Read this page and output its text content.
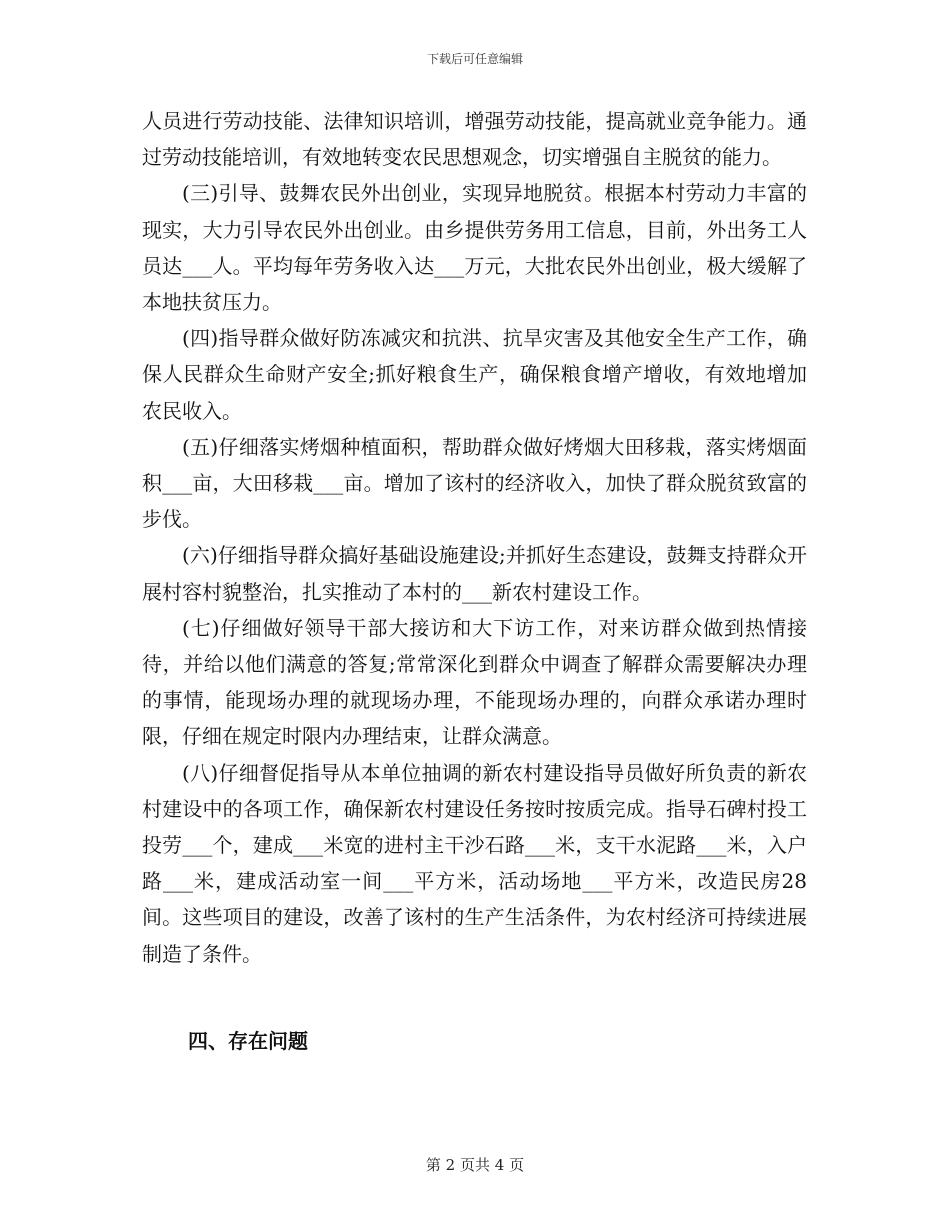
下载后可任意编辑

人员进行劳动技能、法律知识培训，增强劳动技能，提高就业竞争能力。通过劳动技能培训，有效地转变农民思想观念，切实增强自主脱贫的能力。

(三)引导、鼓舞农民外出创业，实现异地脱贫。根据本村劳动力丰富的现实，大力引导农民外出创业。由乡提供劳务用工信息，目前，外出务工人员达___人。平均每年劳务收入达___万元，大批农民外出创业，极大缓解了本地扶贫压力。

(四)指导群众做好防冻减灾和抗洪、抗旱灾害及其他安全生产工作，确保人民群众生命财产安全;抓好粮食生产，确保粮食增产增收，有效地增加农民收入。

(五)仔细落实烤烟种植面积，帮助群众做好烤烟大田移栽，落实烤烟面积___亩，大田移栽___亩。增加了该村的经济收入，加快了群众脱贫致富的步伐。

(六)仔细指导群众搞好基础设施建设;并抓好生态建设，鼓舞支持群众开展村容村貌整治，扎实推动了本村的___新农村建设工作。

(七)仔细做好领导干部大接访和大下访工作，对来访群众做到热情接待，并给以他们满意的答复;常常深化到群众中调查了解群众需要解决办理的事情，能现场办理的就现场办理，不能现场办理的，向群众承诺办理时限，仔细在规定时限内办理结束，让群众满意。

(八)仔细督促指导从本单位抽调的新农村建设指导员做好所负责的新农村建设中的各项工作，确保新农村建设任务按时按质完成。指导石碑村投工投劳___个，建成___米宽的进村主干沙石路___米，支干水泥路___米，入户路___米，建成活动室一间___平方米，活动场地___平方米，改造民房28间。这些项目的建设，改善了该村的生产生活条件，为农村经济可持续进展制造了条件。

四、存在问题
第 2 页共 4 页
